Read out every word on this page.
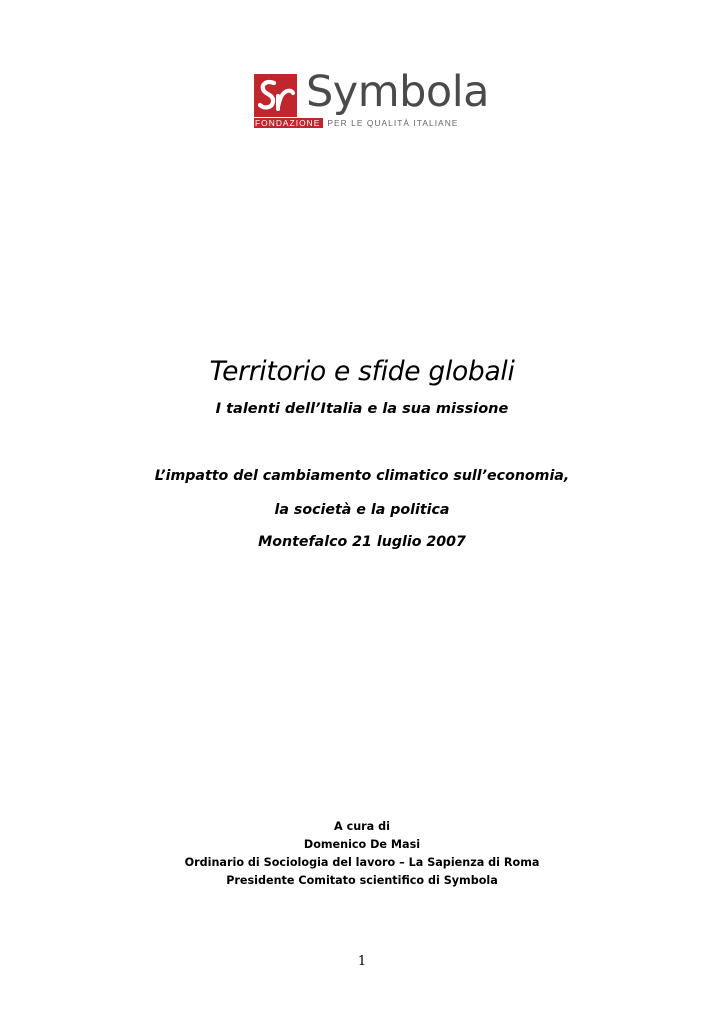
Symbola
FONDAZIONE PER LE QUALITÀ ITALIANE
Territorio e sfide globali
I talenti dell’Italia e la sua missione
L’impatto del cambiamento climatico sull’economia,
la società e la politica
Montefalco 21 luglio 2007
A cura di
Domenico De Masi
Ordinario di Sociologia del lavoro – La Sapienza di Roma
Presidente Comitato scientifico di Symbola
1
